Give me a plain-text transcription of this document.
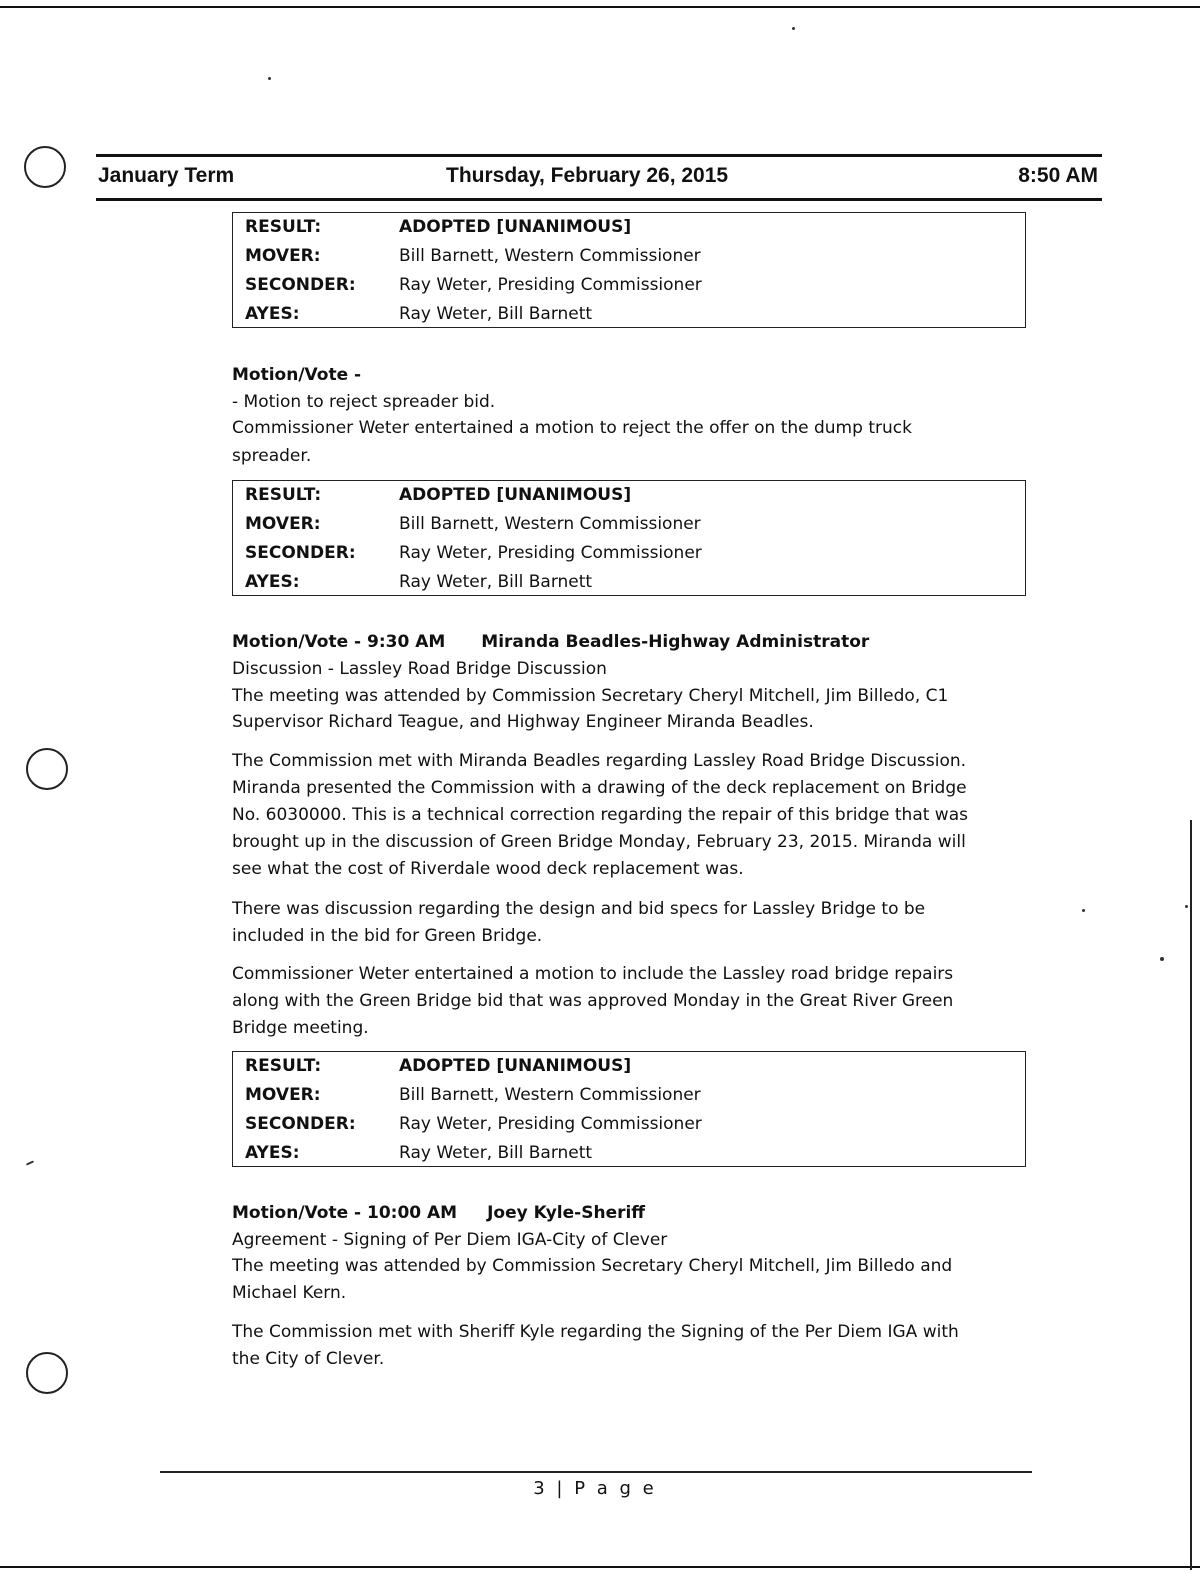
January Term	Thursday, February 26, 2015	8:50 AM
RESULT:	ADOPTED [UNANIMOUS]
MOVER:	Bill Barnett, Western Commissioner
SECONDER:	Ray Weter, Presiding Commissioner
AYES:	Ray Weter, Bill Barnett
Motion/Vote -
- Motion to reject spreader bid.
Commissioner Weter entertained a motion to reject the offer on the dump truck
spreader.
RESULT:	ADOPTED [UNANIMOUS]
MOVER:	Bill Barnett, Western Commissioner
SECONDER:	Ray Weter, Presiding Commissioner
AYES:	Ray Weter, Bill Barnett
Motion/Vote - 9:30 AM Miranda Beadles-Highway Administrator
Discussion - Lassley Road Bridge Discussion
The meeting was attended by Commission Secretary Cheryl Mitchell, Jim Billedo, C1
Supervisor Richard Teague, and Highway Engineer Miranda Beadles.
The Commission met with Miranda Beadles regarding Lassley Road Bridge Discussion.
Miranda presented the Commission with a drawing of the deck replacement on Bridge
No. 6030000. This is a technical correction regarding the repair of this bridge that was
brought up in the discussion of Green Bridge Monday, February 23, 2015. Miranda will
see what the cost of Riverdale wood deck replacement was.
There was discussion regarding the design and bid specs for Lassley Bridge to be
included in the bid for Green Bridge.
Commissioner Weter entertained a motion to include the Lassley road bridge repairs
along with the Green Bridge bid that was approved Monday in the Great River Green
Bridge meeting.
RESULT:	ADOPTED [UNANIMOUS]
MOVER:	Bill Barnett, Western Commissioner
SECONDER:	Ray Weter, Presiding Commissioner
AYES:	Ray Weter, Bill Barnett
Motion/Vote - 10:00 AM Joey Kyle-Sheriff
Agreement - Signing of Per Diem IGA-City of Clever
The meeting was attended by Commission Secretary Cheryl Mitchell, Jim Billedo and
Michael Kern.
The Commission met with Sheriff Kyle regarding the Signing of the Per Diem IGA with
the City of Clever.
3 | P a g e
